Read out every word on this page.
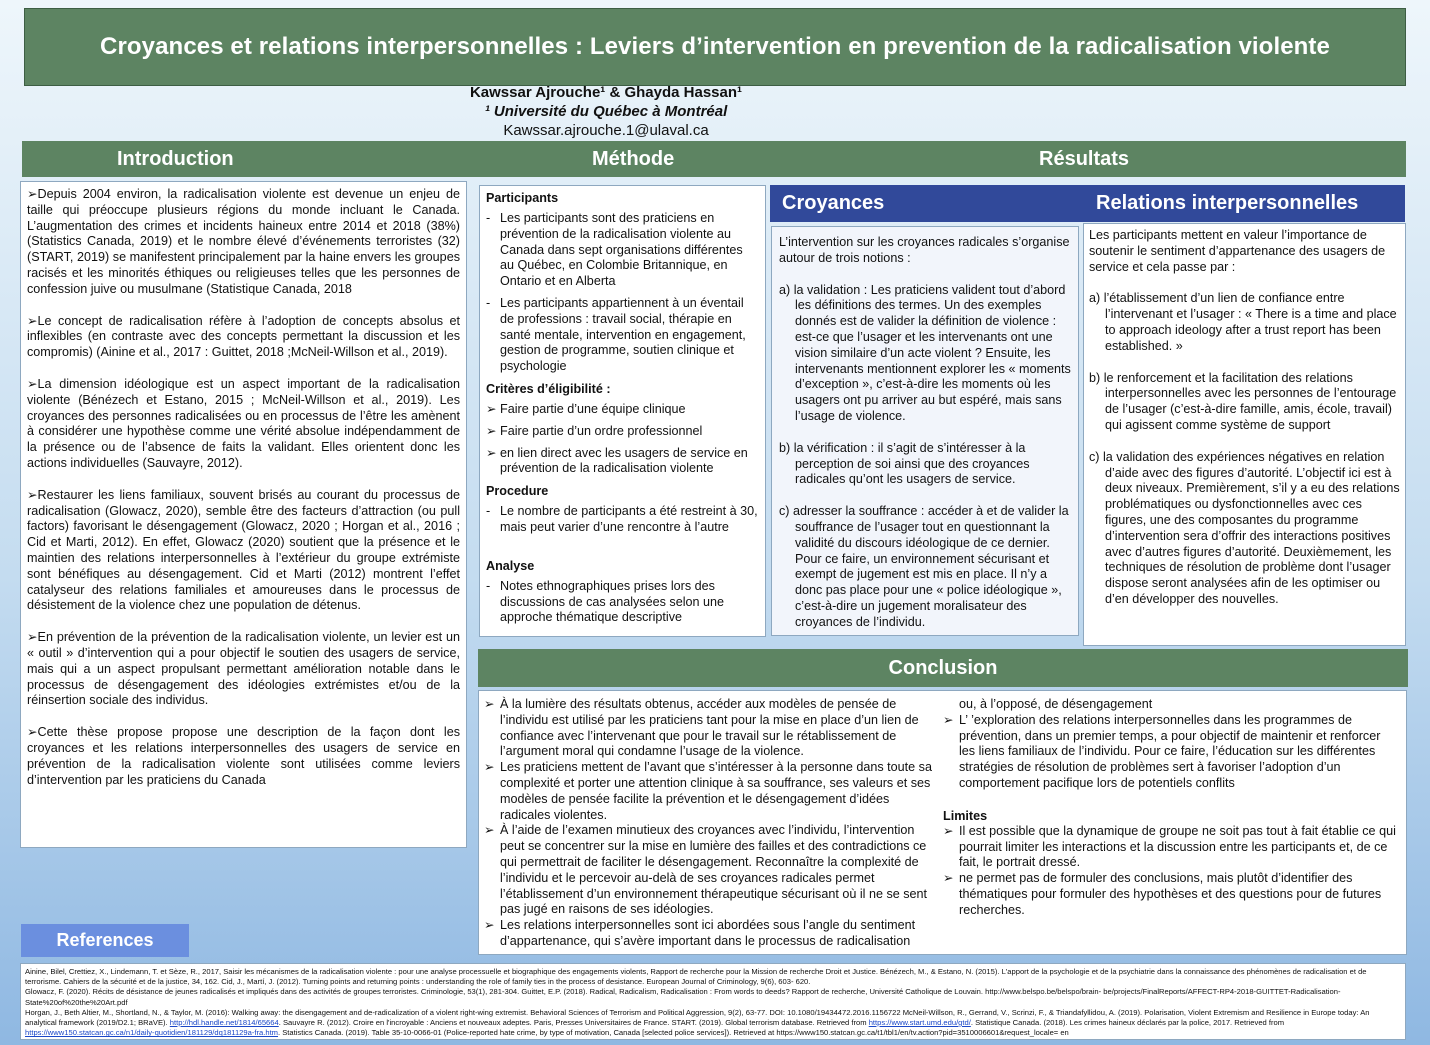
Croyances et relations interpersonnelles : Leviers d’intervention en prevention de la radicalisation violente
Kawssar Ajrouche¹ & Ghayda Hassan¹
¹ Université du Québec à Montréal
Kawssar.ajrouche.1@ulaval.ca
Introduction	Méthode	Résultats

➢Depuis 2004 environ, la radicalisation violente est devenue un enjeu de taille qui préoccupe plusieurs régions du monde incluant le Canada. L’augmentation des crimes et incidents haineux entre 2014 et 2018 (38%) (Statistics Canada, 2019) et le nombre élevé d’événements terroristes (32) (START, 2019) se manifestent principalement par la haine envers les groupes racisés et les minorités éthiques ou religieuses telles que les personnes de confession juive ou musulmane (Statistique Canada, 2018

➢Le concept de radicalisation réfère à l’adoption de concepts absolus et inflexibles (en contraste avec des concepts permettant la discussion et les compromis) (Ainine et al., 2017 : Guittet, 2018 ;McNeil-Willson et al., 2019).

➢La dimension idéologique est un aspect important de la radicalisation violente (Bénézech et Estano, 2015 ; McNeil-Willson et al., 2019). Les croyances des personnes radicalisées ou en processus de l’être les amènent à considérer une hypothèse comme une vérité absolue indépendamment de la présence ou de l’absence de faits la validant. Elles orientent donc les actions individuelles (Sauvayre, 2012).

➢Restaurer les liens familiaux, souvent brisés au courant du processus de radicalisation (Glowacz, 2020), semble être des facteurs d’attraction (ou pull factors) favorisant le désengagement (Glowacz, 2020 ; Horgan et al., 2016 ; Cid et Marti, 2012). En effet, Glowacz (2020) soutient que la présence et le maintien des relations interpersonnelles à l’extérieur du groupe extrémiste sont bénéfiques au désengagement. Cid et Marti (2012) montrent l’effet catalyseur des relations familiales et amoureuses dans le processus de désistement de la violence chez une population de détenus.

➢En prévention de la prévention de la radicalisation violente, un levier est un « outil » d’intervention qui a pour objectif le soutien des usagers de service, mais qui a un aspect propulsant permettant amélioration notable dans le processus de désengagement des idéologies extrémistes et/ou de la réinsertion sociale des individus.

➢Cette thèse propose propose une description de la façon dont les croyances et les relations interpersonnelles des usagers de service en prévention de la radicalisation violente sont utilisées comme leviers d’intervention par les praticiens du Canada

Participants
- Les participants sont des praticiens en prévention de la radicalisation violente au Canada dans sept organisations différentes au Québec, en Colombie Britannique, en Ontario et en Alberta
- Les participants appartiennent à un éventail de professions : travail social, thérapie en santé mentale, intervention en engagement, gestion de programme, soutien clinique et psychologie
Critères d’éligibilité :
➢ Faire partie d’une équipe clinique
➢ Faire partie d’un ordre professionnel
➢ en lien direct avec les usagers de service en prévention de la radicalisation violente
Procedure
- Le nombre de participants a été restreint à 30, mais peut varier d’une rencontre à l’autre
Analyse
- Notes ethnographiques prises lors des discussions de cas analysées selon une approche thématique descriptive
Croyances	Relations interpersonnelles

L’intervention sur les croyances radicales s’organise autour de trois notions :

a) la validation : Les praticiens valident tout d’abord les définitions des termes. Un des exemples donnés est de valider la définition de violence : est-ce que l’usager et les intervenants ont une vision similaire d’un acte violent ? Ensuite, les intervenants mentionnent explorer les « moments d’exception », c’est-à-dire les moments où les usagers ont pu arriver au but espéré, mais sans l’usage de violence.

b) la vérification : il s’agit de s’intéresser à la perception de soi ainsi que des croyances radicales qu’ont les usagers de service.

c) adresser la souffrance : accéder à et de valider la souffrance de l’usager tout en questionnant la validité du discours idéologique de ce dernier. Pour ce faire, un environnement sécurisant et exempt de jugement est mis en place. Il n’y a donc pas place pour une « police idéologique », c’est-à-dire un jugement moralisateur des croyances de l’individu.

Les participants mettent en valeur l’importance de soutenir le sentiment d’appartenance des usagers de service et cela passe par :

a) l’établissement d’un lien de confiance entre l’intervenant et l’usager : « There is a time and place to approach ideology after a trust report has been established. »

b) le renforcement et la facilitation des relations interpersonnelles avec les personnes de l’entourage de l’usager (c’est-à-dire famille, amis, école, travail) qui agissent comme système de support

c) la validation des expériences négatives en relation d’aide avec des figures d’autorité. L’objectif ici est à deux niveaux. Premièrement, s’il y a eu des relations problématiques ou dysfonctionnelles avec ces figures, une des composantes du programme d’intervention sera d’offrir des interactions positives avec d’autres figures d’autorité. Deuxièmement, les techniques de résolution de problème dont l’usager dispose seront analysées afin de les optimiser ou d’en développer des nouvelles.

Conclusion
➢ À la lumière des résultats obtenus, accéder aux modèles de pensée de l’individu est utilisé par les praticiens tant pour la mise en place d’un lien de confiance avec l’intervenant que pour le travail sur le rétablissement de l’argument moral qui condamne l’usage de la violence.
➢ Les praticiens mettent de l’avant que s’intéresser à la personne dans toute sa complexité et porter une attention clinique à sa souffrance, ses valeurs et ses modèles de pensée facilite la prévention et le désengagement d’idées radicales violentes.
➢ À l’aide de l’examen minutieux des croyances avec l’individu, l’intervention peut se concentrer sur la mise en lumière des failles et des contradictions ce qui permettrait de faciliter le désengagement. Reconnaître la complexité de l’individu et le percevoir au-delà de ses croyances radicales permet l’établissement d’un environnement thérapeutique sécurisant où il ne se sent pas jugé en raisons de ses idéologies.
➢ Les relations interpersonnelles sont ici abordées sous l’angle du sentiment d’appartenance, qui s’avère important dans le processus de radicalisation
ou, à l’opposé, de désengagement
➢ L’ ’exploration des relations interpersonnelles dans les programmes de prévention, dans un premier temps, a pour objectif de maintenir et renforcer les liens familiaux de l’individu. Pour ce faire, l’éducation sur les différentes stratégies de résolution de problèmes sert à favoriser l’adoption d’un comportement pacifique lors de potentiels conflits
Limites
➢ Il est possible que la dynamique de groupe ne soit pas tout à fait établie ce qui pourrait limiter les interactions et la discussion entre les participants et, de ce fait, le portrait dressé.
➢ ne permet pas de formuler des conclusions, mais plutôt d’identifier des thématiques pour formuler des hypothèses et des questions pour de futures recherches.
References
Ainine, Bilel, Crettiez, X., Lindemann, T. et Sèze, R., 2017, Saisir les mécanismes de la radicalisation violente : pour une analyse processuelle et biographique des engagements violents, Rapport de recherche pour la Mission de recherche Droit et Justice. Bénézech, M., & Estano, N. (2015). L'apport de la psychologie et de la psychiatrie dans la connaissance des phénomènes de radicalisation et de terrorisme. Cahiers de la sécurité et de la justice, 34, 162. Cid, J., Martí, J. (2012). Turning points and returning points : understanding the role of family ties in the process of desistance. European Journal of Criminology, 9(6), 603- 620.
Glowacz, F. (2020). Récits de désistance de jeunes radicalisés et impliqués dans des activités de groupes terroristes. Criminologie, 53(1), 281-304. Guittet, E.P. (2018). Radical, Radicalism, Radicalisation : From words to deeds? Rapport de recherche, Université Catholique de Louvain. http://www.belspo.be/belspo/brain- be/projects/FinalReports/AFFECT-RP4-2018-GUITTET-Radicalisation- State%20of%20the%20Art.pdf
Horgan, J., Beth Altier, M., Shortland, N., & Taylor, M. (2016): Walking away: the disengagement and de-radicalization of a violent right-wing extremist. Behavioral Sciences of Terrorism and Political Aggression, 9(2), 63-77. DOI: 10.1080/19434472.2016.1156722 McNeil-Willson, R., Gerrand, V., Scrinzi, F., & Triandafyllidou, A. (2019). Polarisation, Violent Extremism and Resilience in Europe today: An analytical framework (2019/D2.1; BRaVE). http://hdl.handle.net/1814/65664. Sauvayre R. (2012). Croire en l'incroyable : Anciens et nouveaux adeptes. Paris, Presses Universitaires de France. START. (2019). Global terrorism database. Retrieved from https://www.start.umd.edu/gtd/. Statistique Canada. (2018). Les crimes haineux déclarés par la police, 2017. Retrieved from https://www150.statcan.gc.ca/n1/daily-quotidien/181129/dq181129a-fra.htm. Statistics Canada. (2019). Table 35-10-0066-01 (Police-reported hate crime, by type of motivation, Canada [selected police services]). Retrieved at https://www150.statcan.gc.ca/t1/tbl1/en/tv.action?pid=3510006601&request_locale= en
